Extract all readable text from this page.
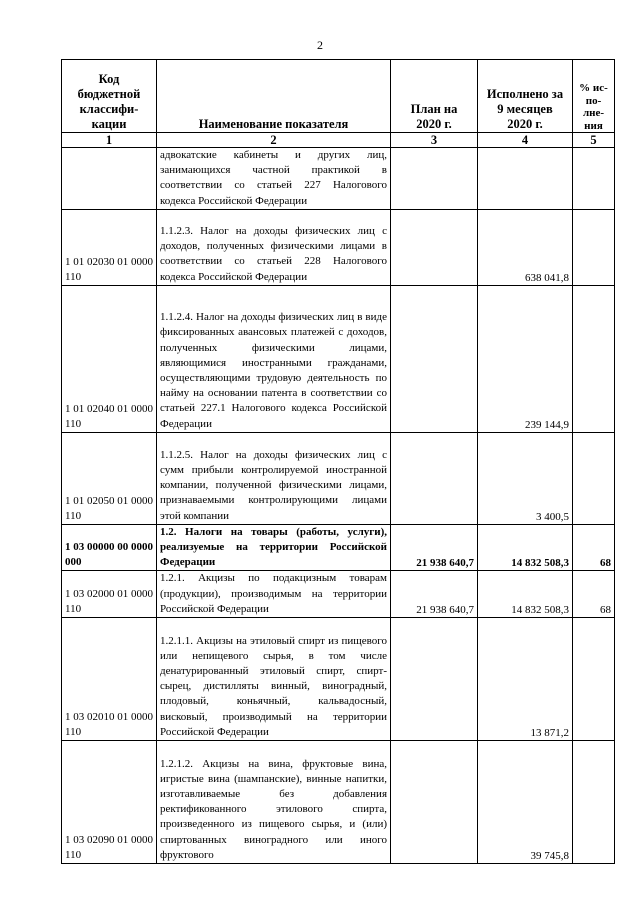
2
Код бюджетной классифи-кации	Наименование показателя	План на 2020 г.	Исполнено за 9 месяцев 2020 г.	% ис-по-лне-ния
1	2	3	4	5
	адвокатские кабинеты и других лиц, занимающихся частной практикой в соответствии со статьей 227 Налогового кодекса Российской Федерации			
1 01 02030 01 0000 110	1.1.2.3. Налог на доходы физических лиц с доходов, полученных физическими лицами в соответствии со статьей 228 Налогового кодекса Российской Федерации		638 041,8	
1 01 02040 01 0000 110	1.1.2.4. Налог на доходы физических лиц в виде фиксированных авансовых платежей с доходов, полученных физическими лицами, являющимися иностранными гражданами, осуществляющими трудовую деятельность по найму на основании патента в соответствии со статьей 227.1 Налогового кодекса Российской Федерации		239 144,9	
1 01 02050 01 0000 110	1.1.2.5. Налог на доходы физических лиц с сумм прибыли контролируемой иностранной компании, полученной физическими лицами, признаваемыми контролирующими лицами этой компании		3 400,5	
1 03 00000 00 0000 000	1.2. Налоги на товары (работы, услуги), реализуемые на территории Российской Федерации	21 938 640,7	14 832 508,3	68
1 03 02000 01 0000 110	1.2.1. Акцизы по подакцизным товарам (продукции), производимым на территории Российской Федерации	21 938 640,7	14 832 508,3	68
1 03 02010 01 0000 110	1.2.1.1. Акцизы на этиловый спирт из пищевого или непищевого сырья, в том числе денатурированный этиловый спирт, спирт-сырец, дистилляты винный, виноградный, плодовый, коньячный, кальвадосный, висковый, производимый на территории Российской Федерации		13 871,2	
1 03 02090 01 0000 110	1.2.1.2. Акцизы на вина, фруктовые вина, игристые вина (шампанские), винные напитки, изготавливаемые без добавления ректификованного этилового спирта, произведенного из пищевого сырья, и (или) спиртованных виноградного или иного фруктового		39 745,8	
